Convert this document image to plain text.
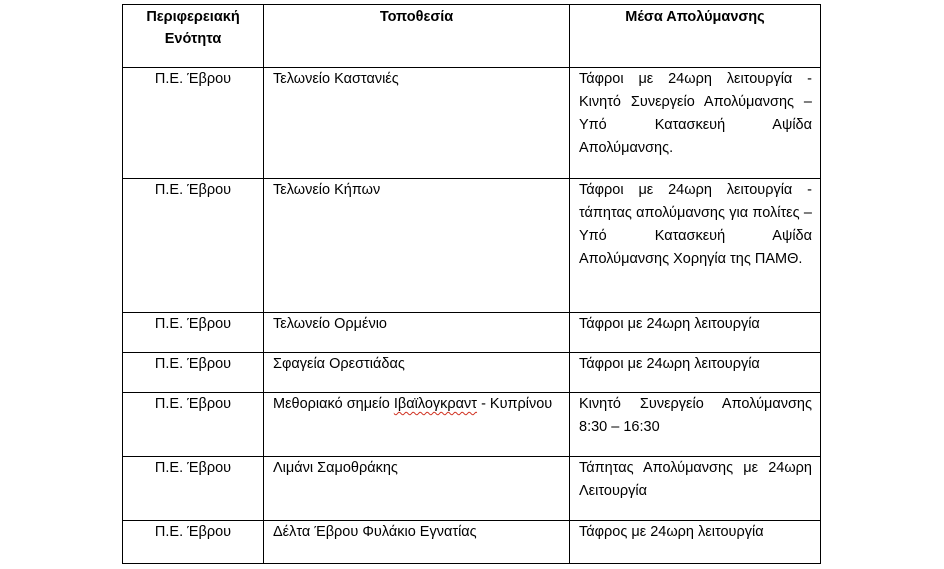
Περιφερειακή
Ενότητα	Τοποθεσία	Μέσα Απολύμανσης
Π.Ε. Έβρου	Τελωνείο Καστανιές	Τάφροι με 24ωρη λειτουργία - Κινητό Συνεργείο Απολύμανσης – Υπό Κατασκευή Αψίδα Απολύμανσης.
Π.Ε. Έβρου	Τελωνείο Κήπων	Τάφροι με 24ωρη λειτουργία - τάπητας απολύμανσης για πολίτες – Υπό Κατασκευή Αψίδα Απολύμανσης Χορηγία της ΠΑΜΘ.
Π.Ε. Έβρου	Τελωνείο Ορμένιο	Τάφροι με 24ωρη λειτουργία
Π.Ε. Έβρου	Σφαγεία Ορεστιάδας	Τάφροι με 24ωρη λειτουργία
Π.Ε. Έβρου	Μεθοριακό σημείο Ιβαϊλογκραντ - Κυπρίνου	Κινητό Συνεργείο Απολύμανσης 8:30 – 16:30
Π.Ε. Έβρου	Λιμάνι Σαμοθράκης	Τάπητας Απολύμανσης με 24ωρη Λειτουργία
Π.Ε. Έβρου	Δέλτα Έβρου Φυλάκιο Εγνατίας	Τάφρος με 24ωρη λειτουργία
